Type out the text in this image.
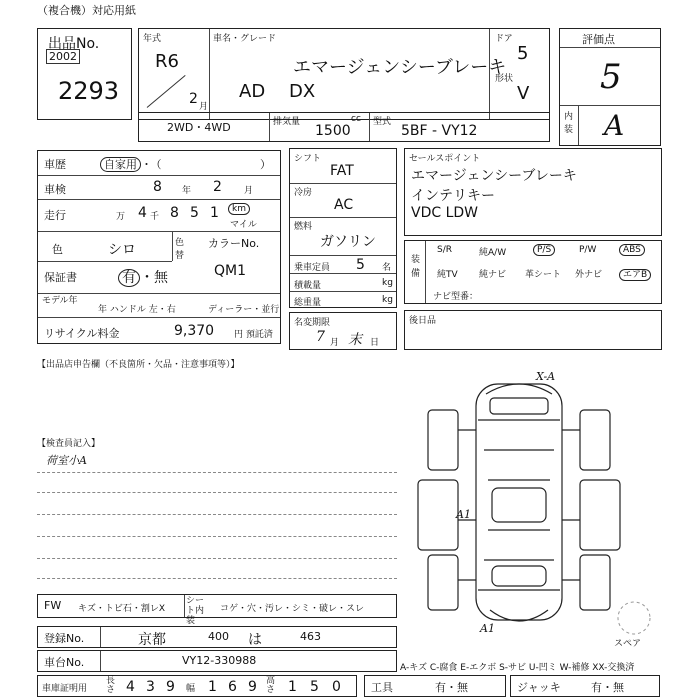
（複合機）対応用紙
出品No.
2002
2293
年式
R6
2 月
車名・グレード
エマージェンシーブレーキ
AD DX
ドア
5
形状
V
評価点
5
内装 A
2WD・4WD	排気量	cc
1500
型式
5BF - VY12
車歴	自家用 ・ （	）
車検	8 年 2 月
走行	万 4 千 8 5 1	km
マイル
色	シロ	色替
カラーNo.
保証書	有 ・無	QM1
モデル年
年 ハンドル 左・右	ディーラー・並行
リサイクル料金	9,370 円 預託済
シフト
FAT
冷房
AC
燃料
ガソリン
乗車定員 5 名
積載量	kg
総重量	kg
名変期限
7 月 末 日
セールスポイント
エマージェンシーブレーキ
インテリキー
VDC LDW
装備
S/R	純A/W	P/S	P/W	ABS
純TV 純ナビ 革シート 外ナビ	エアB
ナビ型番：
後日品
【出品店申告欄（不良箇所・欠品・注意事項等）】
【検査員記入】
荷室小A
X-A
A1
A1
スペア
FW キズ・トビ石・割レX
シート内装
コゲ・穴・汚レ・シミ・破レ・スレ
登録No.	京都	400 は	463
車台No.	VY12-330988
車庫証明用
長さ 4 3 9 幅 1 6 9 高さ 1 5 0
A-キズ C-腐食 E-エクボ S-サビ U-凹ミ W-補修 XX-交換済
工具	有・無	ジャッキ	有・無
